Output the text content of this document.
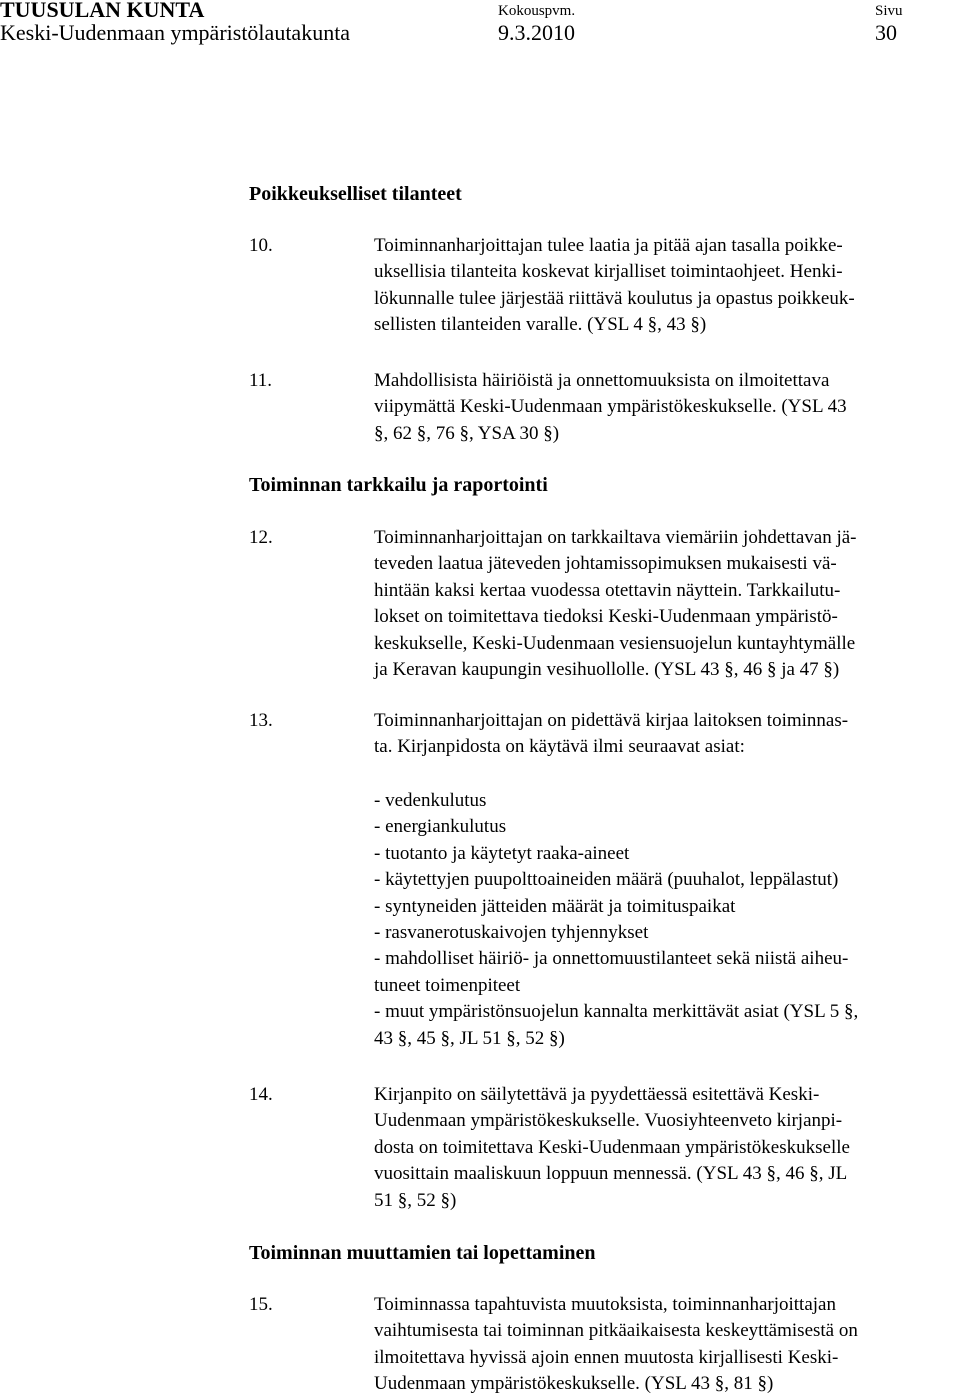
TUUSULAN KUNTA
Keski-Uudenmaan ympäristölautakunta
Kokouspvm.
9.3.2010
Sivu
30
Poikkeukselliset tilanteet
10.	Toiminnanharjoittajan tulee laatia ja pitää ajan tasalla poikke-
uksellisia tilanteita koskevat kirjalliset toimintaohjeet. Henki-
lökunnalle tulee järjestää riittävä koulutus ja opastus poikkeuk-
sellisten tilanteiden varalle. (YSL 4 §, 43 §)
11.	Mahdollisista häiriöistä ja onnettomuuksista on ilmoitettava
viipymättä Keski-Uudenmaan ympäristökeskukselle. (YSL 43
§, 62 §, 76 §, YSA 30 §)
Toiminnan tarkkailu ja raportointi
12.	Toiminnanharjoittajan on tarkkailtava viemäriin johdettavan jä-
teveden laatua jäteveden johtamissopimuksen mukaisesti vä-
hintään kaksi kertaa vuodessa otettavin näyttein. Tarkkailutu-
lokset on toimitettava tiedoksi Keski-Uudenmaan ympäristö-
keskukselle, Keski-Uudenmaan vesiensuojelun kuntayhtymälle
ja Keravan kaupungin vesihuollolle. (YSL 43 §, 46 § ja 47 §)
13.	Toiminnanharjoittajan on pidettävä kirjaa laitoksen toiminnas-
ta. Kirjanpidosta on käytävä ilmi seuraavat asiat:
- vedenkulutus
- energiankulutus
- tuotanto ja käytetyt raaka-aineet
- käytettyjen puupolttoaineiden määrä (puuhalot, leppälastut)
- syntyneiden jätteiden määrät ja toimituspaikat
- rasvanerotuskaivojen tyhjennykset
- mahdolliset häiriö- ja onnettomuustilanteet sekä niistä aiheu-
tuneet toimenpiteet
- muut ympäristönsuojelun kannalta merkittävät asiat (YSL 5 §,
43 §, 45 §, JL 51 §, 52 §)
14.	Kirjanpito on säilytettävä ja pyydettäessä esitettävä Keski-
Uudenmaan ympäristökeskukselle. Vuosiyhteenveto kirjanpi-
dosta on toimitettava Keski-Uudenmaan ympäristökeskukselle
vuosittain maaliskuun loppuun mennessä. (YSL 43 §, 46 §, JL
51 §, 52 §)
Toiminnan muuttamien tai lopettaminen
15.	Toiminnassa tapahtuvista muutoksista, toiminnanharjoittajan
vaihtumisesta tai toiminnan pitkäaikaisesta keskeyttämisestä on
ilmoitettava hyvissä ajoin ennen muutosta kirjallisesti Keski-
Uudenmaan ympäristökeskukselle. (YSL 43 §, 81 §)
